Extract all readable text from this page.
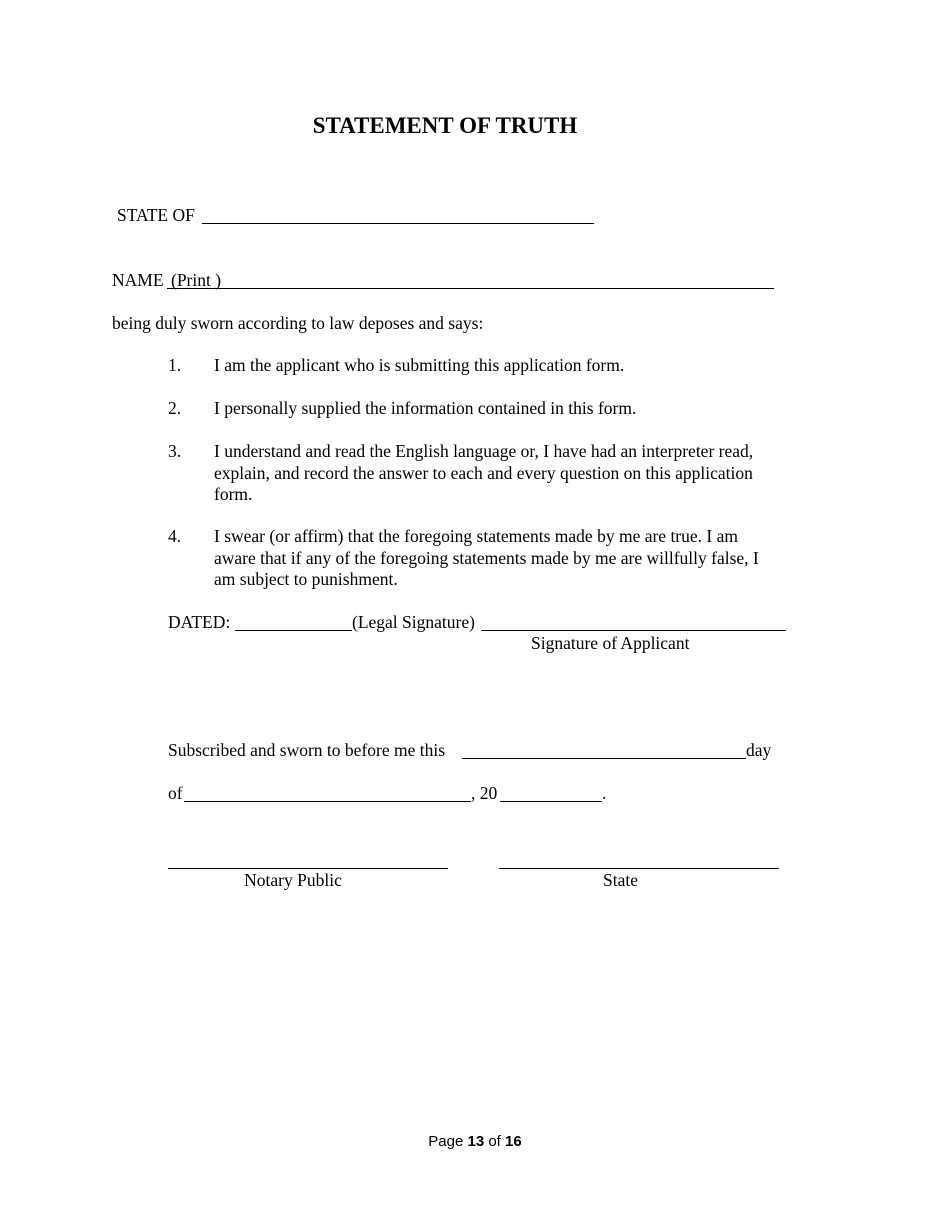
STATEMENT OF TRUTH
STATE OF
NAME (Print )
being duly sworn according to law deposes and says:
1. I am the applicant who is submitting this application form.
2. I personally supplied the information contained in this form.
3. I understand and read the English language or, I have had an interpreter read, explain, and record the answer to each and every question on this application form.
4. I swear (or affirm) that the foregoing statements made by me are true. I am aware that if any of the foregoing statements made by me are willfully false, I am subject to punishment.
DATED:	(Legal Signature)
Signature of Applicant
Subscribed and sworn to before me this	day
of	, 20	.
Notary Public	State
Page 13 of 16
